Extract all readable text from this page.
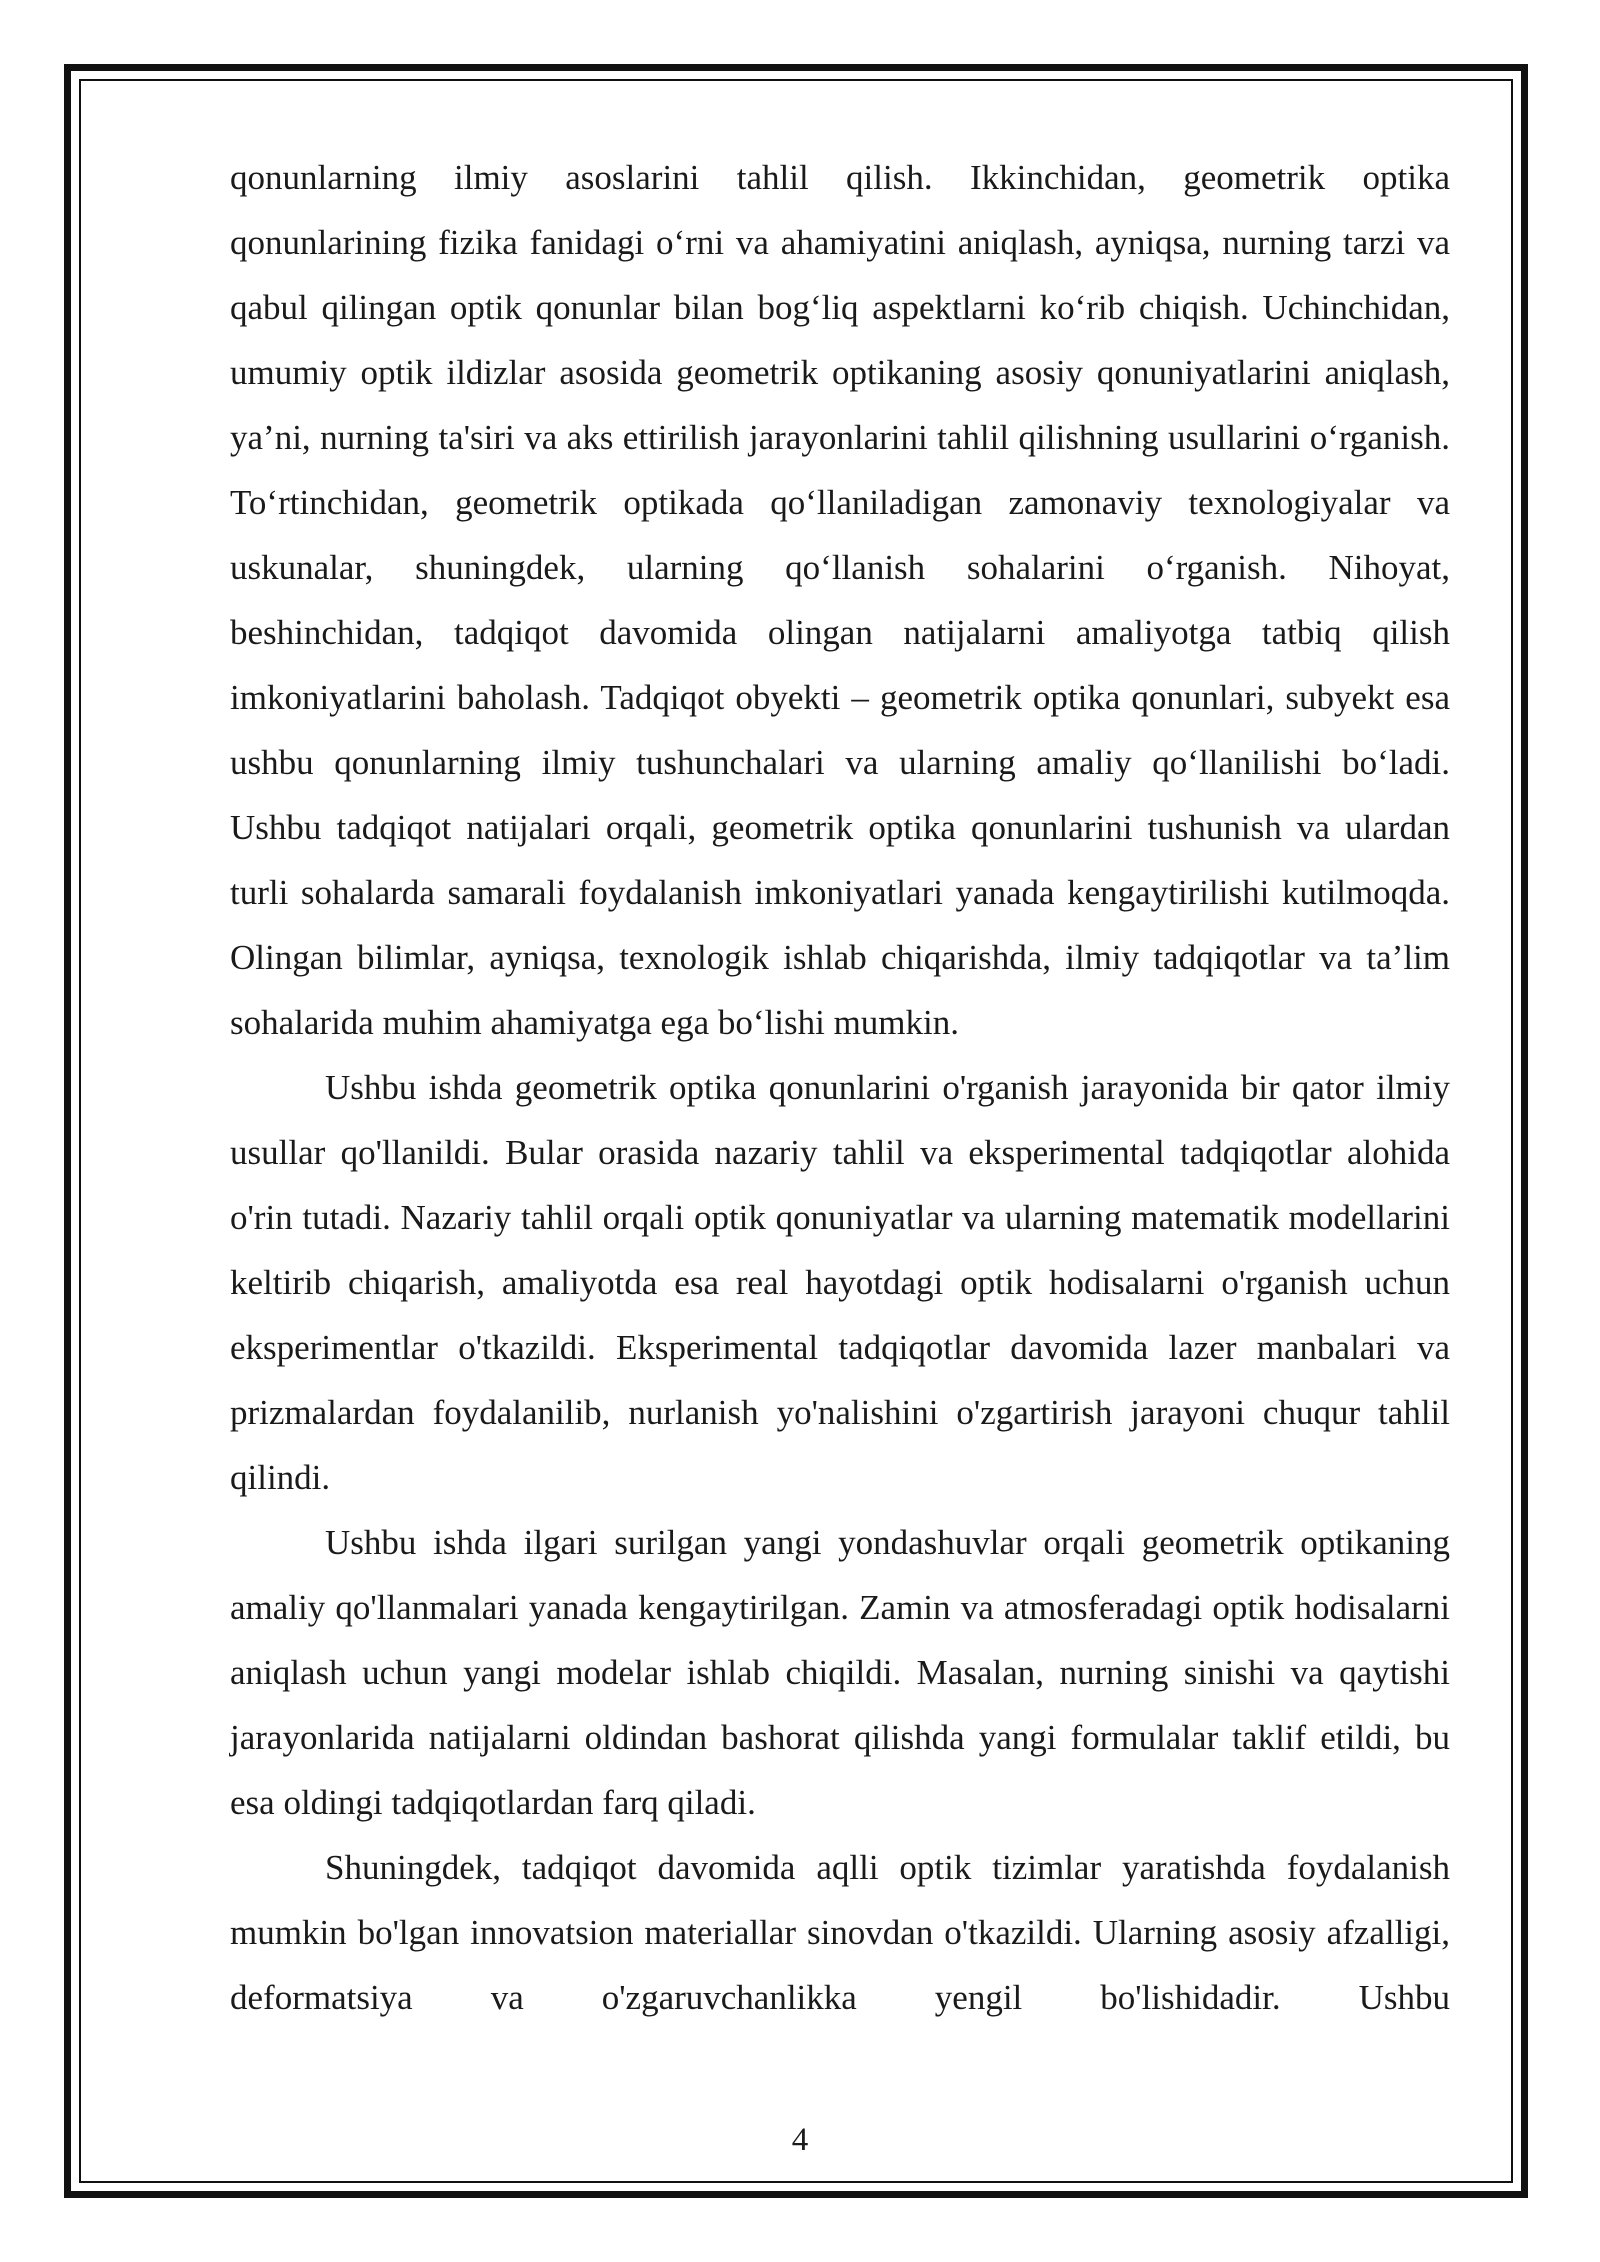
qonunlarning ilmiy asoslarini tahlil qilish. Ikkinchidan, geometrik optika qonunlarining fizika fanidagi o‘rni va ahamiyatini aniqlash, ayniqsa, nurning tarzi va qabul qilingan optik qonunlar bilan bog‘liq aspektlarni ko‘rib chiqish. Uchinchidan, umumiy optik ildizlar asosida geometrik optikaning asosiy qonuniyatlarini aniqlash, ya’ni, nurning ta'siri va aks ettirilish jarayonlarini tahlil qilishning usullarini o‘rganish. To‘rtinchidan, geometrik optikada qo‘llaniladigan zamonaviy texnologiyalar va uskunalar, shuningdek, ularning qo‘llanish sohalarini o‘rganish. Nihoyat, beshinchidan, tadqiqot davomida olingan natijalarni amaliyotga tatbiq qilish imkoniyatlarini baholash. Tadqiqot obyekti – geometrik optika qonunlari, subyekt esa ushbu qonunlarning ilmiy tushunchalari va ularning amaliy qo‘llanilishi bo‘ladi. Ushbu tadqiqot natijalari orqali, geometrik optika qonunlarini tushunish va ulardan turli sohalarda samarali foydalanish imkoniyatlari yanada kengaytirilishi kutilmoqda. Olingan bilimlar, ayniqsa, texnologik ishlab chiqarishda, ilmiy tadqiqotlar va ta’lim sohalarida muhim ahamiyatga ega bo‘lishi mumkin.

Ushbu ishda geometrik optika qonunlarini o'rganish jarayonida bir qator ilmiy usullar qo'llanildi. Bular orasida nazariy tahlil va eksperimental tadqiqotlar alohida o'rin tutadi. Nazariy tahlil orqali optik qonuniyatlar va ularning matematik modellarini keltirib chiqarish, amaliyotda esa real hayotdagi optik hodisalarni o'rganish uchun eksperimentlar o'tkazildi. Eksperimental tadqiqotlar davomida lazer manbalari va prizmalardan foydalanilib, nurlanish yo'nalishini o'zgartirish jarayoni chuqur tahlil qilindi.

Ushbu ishda ilgari surilgan yangi yondashuvlar orqali geometrik optikaning amaliy qo'llanmalari yanada kengaytirilgan. Zamin va atmosferadagi optik hodisalarni aniqlash uchun yangi modelar ishlab chiqildi. Masalan, nurning sinishi va qaytishi jarayonlarida natijalarni oldindan bashorat qilishda yangi formulalar taklif etildi, bu esa oldingi tadqiqotlardan farq qiladi.

Shuningdek, tadqiqot davomida aqlli optik tizimlar yaratishda foydalanish mumkin bo'lgan innovatsion materiallar sinovdan o'tkazildi. Ularning asosiy afzalligi, deformatsiya va o'zgaruvchanlikka yengil bo'lishidadir. Ushbu

4
